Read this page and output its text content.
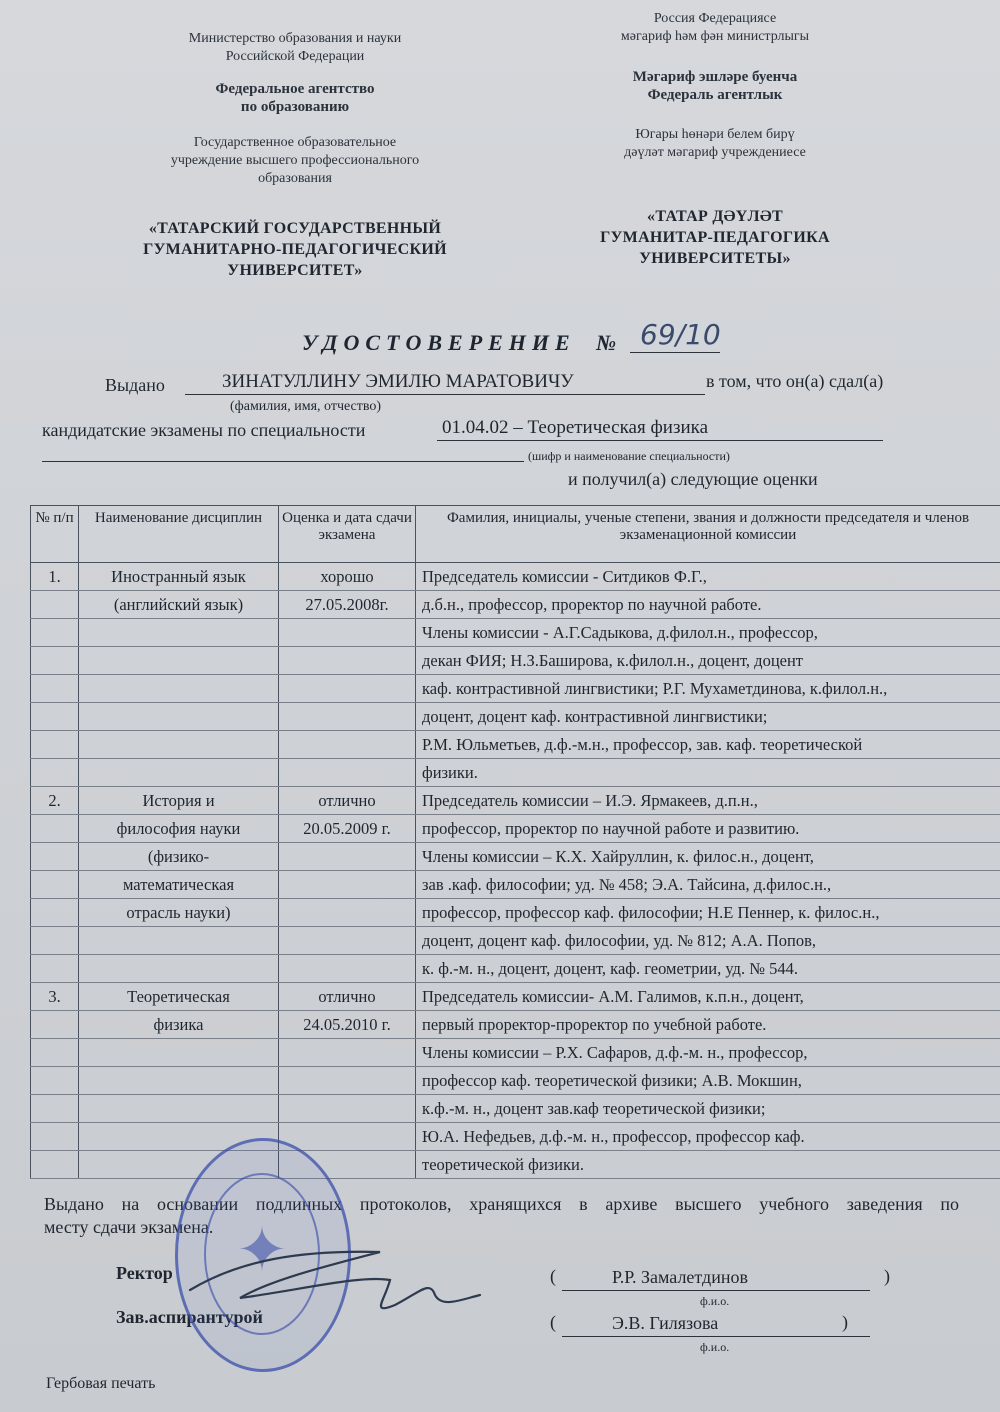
Министерство образования и науки
Российской Федерации
Федеральное агентство
по образованию
Государственное образовательное
учреждение высшего профессионального
образования
«ТАТАРСКИЙ ГОСУДАРСТВЕННЫЙ
ГУМАНИТАРНО-ПЕДАГОГИЧЕСКИЙ
УНИВЕРСИТЕТ»
Россия Федерациясе
мәгариф һәм фән министрлыгы
Мәгариф эшләре буенча
Федераль агентлык
Югары һөнәри белем бирү
дәүләт мәгариф учреждениесе
«ТАТАР ДӘҮЛӘТ
ГУМАНИТАР-ПЕДАГОГИКА
УНИВЕРСИТЕТЫ»
УДОСТОВЕРЕНИЕ № 69/10
Выдано	ЗИНАТУЛЛИНУ ЭМИЛЮ МАРАТОВИЧУ	в том, что он(а) сдал(а)
(фамилия, имя, отчество)
кандидатские экзамены по специальности	01.04.02 – Теоретическая физика
(шифр и наименование специальности)
и получил(а) следующие оценки
№ п/п	Наименование дисциплин	Оценка и дата сдачи экзамена	Фамилия, инициалы, ученые степени, звания и должности председателя и членов экзаменационной комиссии
1.	Иностранный язык	хорошо	Председатель комиссии - Ситдиков Ф.Г.,
	(английский язык)	27.05.2008г.	д.б.н., профессор, проректор по научной работе.
			Члены комиссии - А.Г.Садыкова, д.филол.н., профессор,
			декан ФИЯ; Н.З.Баширова, к.филол.н., доцент, доцент
			каф. контрастивной лингвистики; Р.Г. Мухаметдинова, к.филол.н.,
			доцент, доцент каф. контрастивной лингвистики;
			Р.М. Юльметьев, д.ф.-м.н., профессор, зав. каф. теоретической
			физики.
2.	История и	отлично	Председатель комиссии – И.Э. Ярмакеев, д.п.н.,
	философия науки	20.05.2009 г.	профессор, проректор по научной работе и развитию.
	(физико-		Члены комиссии – К.Х. Хайруллин, к. филос.н., доцент,
	математическая		зав .каф. философии; уд. № 458; Э.А. Тайсина, д.филос.н.,
	отрасль науки)		профессор, профессор каф. философии; Н.Е Пеннер, к. филос.н.,
			доцент, доцент каф. философии, уд. № 812; А.А. Попов,
			к. ф.-м. н., доцент, доцент, каф. геометрии, уд. № 544.
3.	Теоретическая	отлично	Председатель комиссии- А.М. Галимов, к.п.н., доцент,
	физика	24.05.2010 г.	первый проректор-проректор по учебной работе.
			Члены комиссии – Р.Х. Сафаров, д.ф.-м. н., профессор,
			профессор каф. теоретической физики; А.В. Мокшин,
			к.ф.-м. н., доцент зав.каф теоретической физики;
			Ю.А. Нефедьев, д.ф.-м. н., профессор, профессор каф.
			теоретической физики.
Выдано на основании подлинных протоколов, хранящихся в архиве высшего учебного заведения по
месту сдачи экзамена.
Ректор	(	Р.Р. Замалетдинов	)
ф.и.о.
Зав.аспирантурой	(	Э.В. Гилязова	)
ф.и.о.
Гербовая печать
✦
